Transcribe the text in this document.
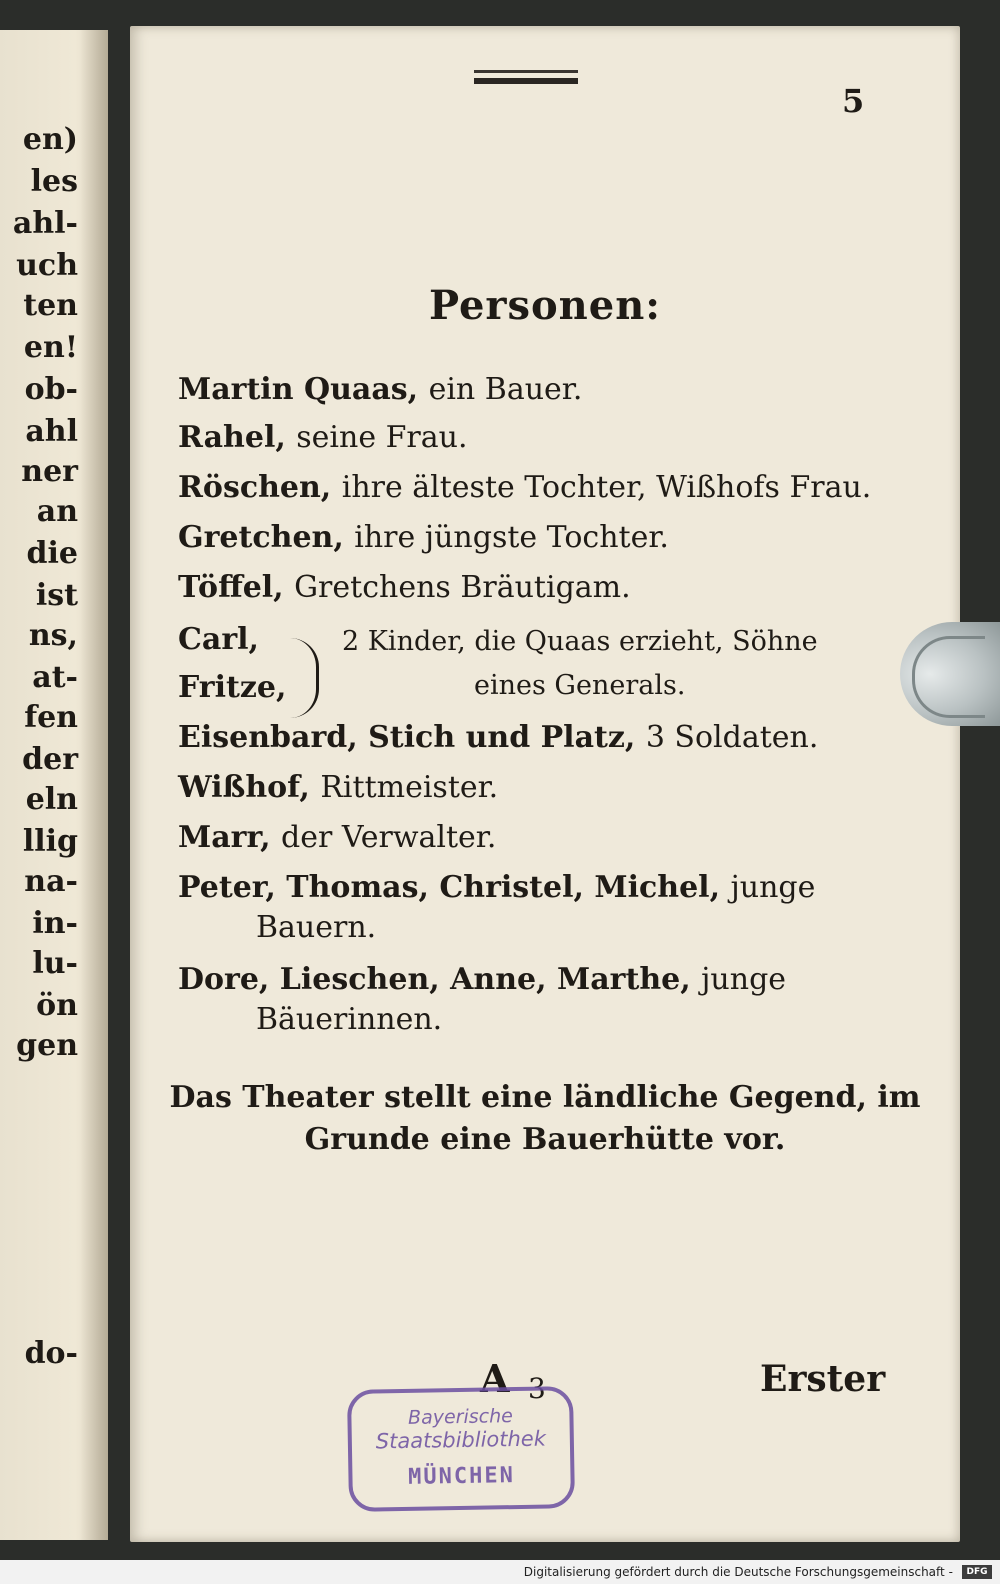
en)
les
ahl-
uch
ten
en!
ob-
ahl
ner
an
die
ist
ns,
at-
fen
der
eln
llig
na-
in-
lu-
ön
gen
do-
5
Personen:
Martin Quaas, ein Bauer.
Rahel, seine Frau.
Röschen, ihre älteste Tochter, Wißhofs Frau.
Gretchen, ihre jüngste Tochter.
Töffel, Gretchens Bräutigam.
Carl,	2 Kinder, die Quaas erzieht, Söhne
Fritze,	eines Generals.
Eisenbard, Stich und Platz, 3 Soldaten.
Wißhof, Rittmeister.
Marr, der Verwalter.
Peter, Thomas, Christel, Michel, junge
Bauern.
Dore, Lieschen, Anne, Marthe, junge
Bäuerinnen.
Das Theater stellt eine ländliche Gegend, im
Grunde eine Bauerhütte vor.
A 3	Erster
Bayerische
Staatsbibliothek
MÜNCHEN
Digitalisierung gefördert durch die Deutsche Forschungsgemeinschaft - DFG
